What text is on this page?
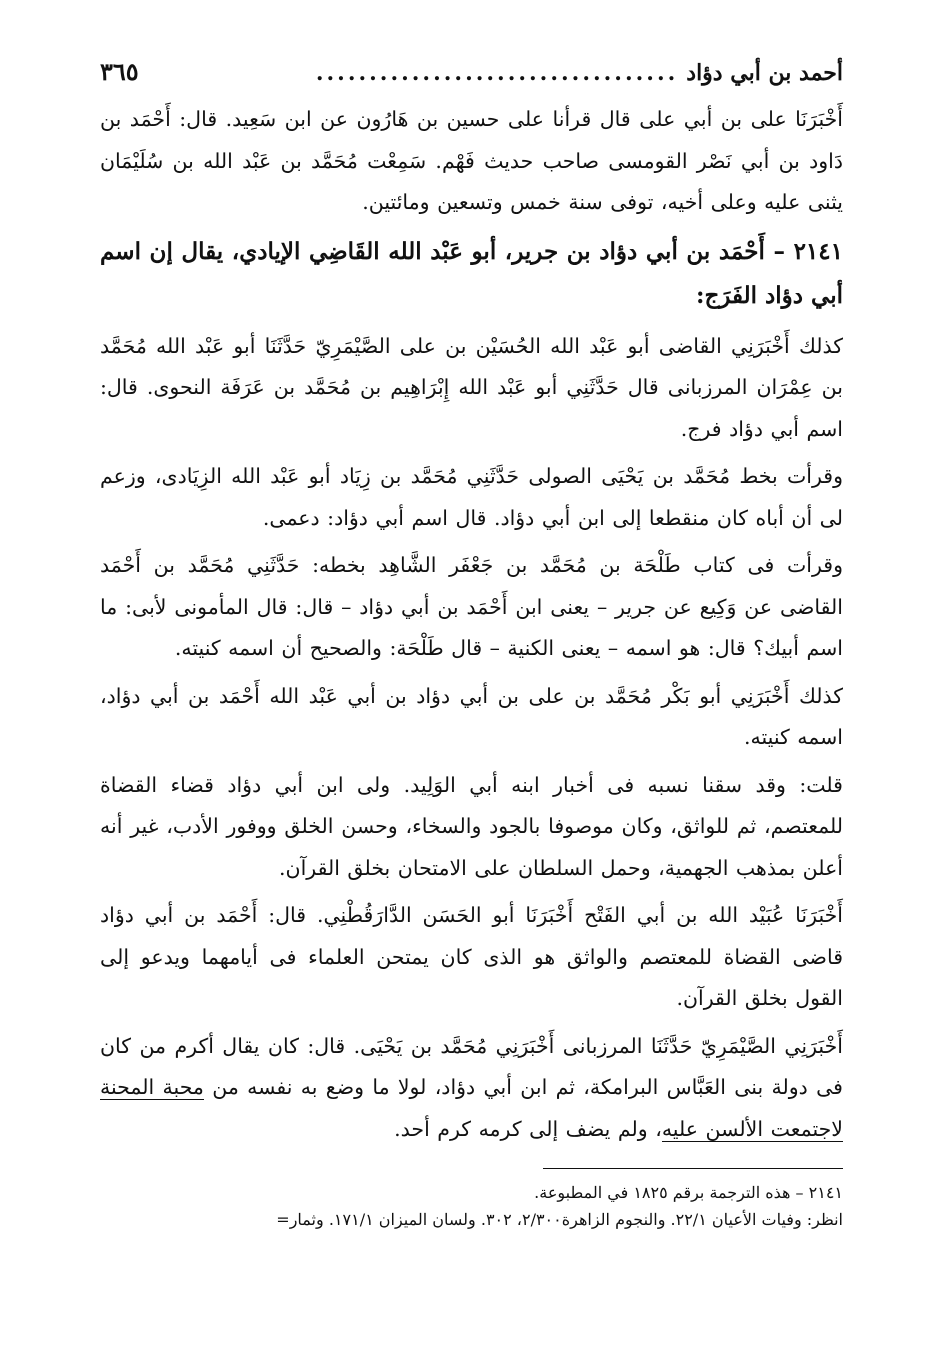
أحمد بن أبي دؤاد
..................................
٣٦٥

أَخْبَرَنَا على بن أبي على قال قرأنا على حسين بن هَارُون عن ابن سَعِيد. قال: أَحْمَد بن دَاود بن أبي نَصْر القومسى صاحب حديث فَهْم. سَمِعْت مُحَمَّد بن عَبْد الله بن سُلَيْمَان يثنى عليه وعلى أخيه، توفى سنة خمس وتسعين ومائتين.

٢١٤١ – أَحْمَد بن أبي دؤاد بن جرير، أبو عَبْد الله القَاضِي الإيادي، يقال إن اسم أبي دؤاد الفَرَج:

كذلك أَخْبَرَنِي القاضى أبو عَبْد الله الحُسَيْن بن على الصَّيْمَرِيّ حَدَّثَنَا أبو عَبْد الله مُحَمَّد بن عِمْرَان المرزبانى قال حَدَّثَنِي أبو عَبْد الله إِبْرَاهِيم بن مُحَمَّد بن عَرَفَة النحوى. قال: اسم أبي دؤاد فرج.

وقرأت بخط مُحَمَّد بن يَحْيَى الصولى حَدَّثَنِي مُحَمَّد بن زِيَاد أبو عَبْد الله الزِيَادى، وزعم لى أن أباه كان منقطعا إلى ابن أبي دؤاد. قال اسم أبي دؤاد: دعمى.

وقرأت فى كتاب طَلْحَة بن مُحَمَّد بن جَعْفَر الشَّاهِد بخطه: حَدَّثَنِي مُحَمَّد بن أَحْمَد القاضى عن وَكِيع عن جرير – يعنى ابن أَحْمَد بن أبي دؤاد – قال: قال المأمونى لأبى: ما اسم أبيك؟ قال: هو اسمه – يعنى الكنية – قال طَلْحَة: والصحيح أن اسمه كنيته.

كذلك أَخْبَرَنِي أبو بَكْر مُحَمَّد بن على بن أبي دؤاد بن أبي عَبْد الله أَحْمَد بن أبي دؤاد، اسمه كنيته.

قلت: وقد سقنا نسبه فى أخبار ابنه أبي الوَلِيد. ولى ابن أبي دؤاد قضاء القضاة للمعتصم، ثم للواثق، وكان موصوفا بالجود والسخاء، وحسن الخلق ووفور الأدب، غير أنه أعلن بمذهب الجهمية، وحمل السلطان على الامتحان بخلق القرآن.

أَخْبَرَنَا عُبَيْد الله بن أبي الفَتْح أَخْبَرَنَا أبو الحَسَن الدَّارَقُطْنِي. قال: أَحْمَد بن أبي دؤاد قاضى القضاة للمعتصم والواثق هو الذى كان يمتحن العلماء فى أيامهما ويدعو إلى القول بخلق القرآن.

أَخْبَرَنِي الصَّيْمَرِيّ حَدَّثَنَا المرزبانى أَخْبَرَنِي مُحَمَّد بن يَحْيَى. قال: كان يقال أكرم من كان فى دولة بنى العَبَّاس البرامكة، ثم ابن أبي دؤاد، لولا ما وضع به نفسه من محبة المحنة لاجتمعت الألسن عليه، ولم يضف إلى كرمه كرم أحد.

٢١٤١ – هذه الترجمة برقم ١٨٢٥ في المطبوعة.
انظر: وفيات الأعيان ٢٢/١. والنجوم الزاهرة٢/٣٠٠، ٣٠٢. ولسان الميزان ١٧١/١. وثمار=
